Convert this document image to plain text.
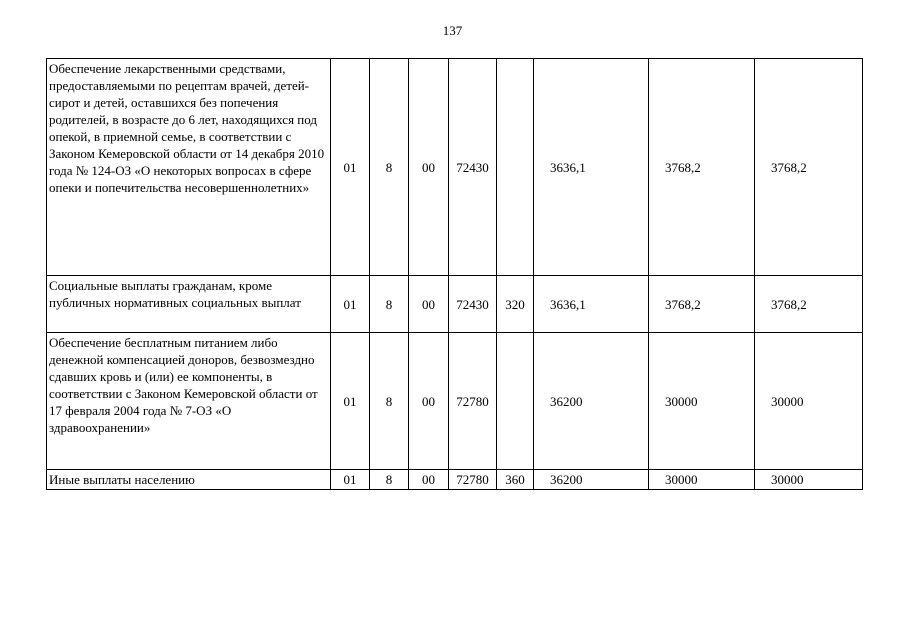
137
Обеспечение лекарственными средствами, предоставляемыми по рецептам врачей, детей-сирот и детей, оставшихся без попечения родителей, в возрасте до 6 лет, находящихся под опекой, в приемной семье, в соответствии с Законом Кемеровской области от 14 декабря 2010 года № 124-ОЗ «О некоторых вопросах в сфере опеки и попечительства несовершеннолетних»	01	8	00	72430		3636,1	3768,2	3768,2
Социальные выплаты гражданам, кроме публичных нормативных социальных выплат	01	8	00	72430	320	3636,1	3768,2	3768,2
Обеспечение бесплатным питанием либо денежной компенсацией доноров, безвозмездно сдавших кровь и (или) ее компоненты, в соответствии с Законом Кемеровской области от 17 февраля 2004 года № 7-ОЗ «О здравоохранении»	01	8	00	72780		36200	30000	30000
Иные выплаты населению	01	8	00	72780	360	36200	30000	30000
